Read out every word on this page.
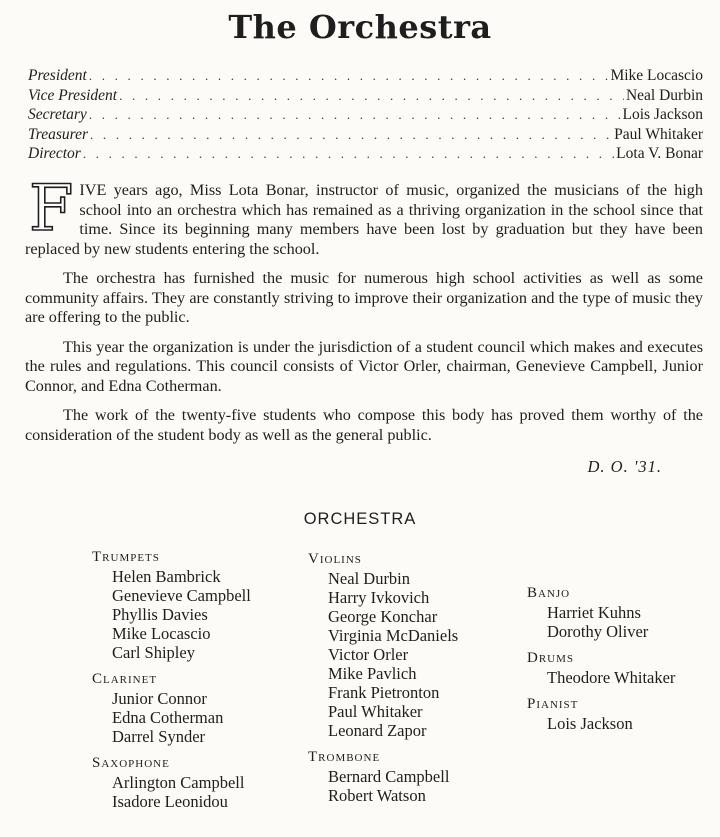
The Orchestra
President . . .	Mike Locascio
Vice President . . .	Neal Durbin
Secretary . . .	Lois Jackson
Treasurer . . .	Paul Whitaker
Director . . .	Lota V. Bonar

FIVE years ago, Miss Lota Bonar, instructor of music, organized the musicians of the high school into an orchestra which has remained as a thriving organization in the school since that time. Since its beginning many members have been lost by graduation but they have been replaced by new students entering the school.

The orchestra has furnished the music for numerous high school activities as well as some community affairs. They are constantly striving to improve their organization and the type of music they are offering to the public.

This year the organization is under the jurisdiction of a student council which makes and executes the rules and regulations. This council consists of Victor Orler, chairman, Genevieve Campbell, Junior Connor, and Edna Cotherman.

The work of the twenty-five students who compose this body has proved them worthy of the consideration of the student body as well as the general public.

D. O. '31.
ORCHESTRA
Trumpets
Helen Bambrick
Genevieve Campbell
Phyllis Davies
Mike Locascio
Carl Shipley
Clarinet
Junior Connor
Edna Cotherman
Darrel Synder
Saxophone
Arlington Campbell
Isadore Leonidou
Violins
Neal Durbin
Harry Ivkovich
George Konchar
Virginia McDaniels
Victor Orler
Mike Pavlich
Frank Pietronton
Paul Whitaker
Leonard Zapor
Trombone
Bernard Campbell
Robert Watson
Banjo
Harriet Kuhns
Dorothy Oliver
Drums
Theodore Whitaker
Pianist
Lois Jackson
